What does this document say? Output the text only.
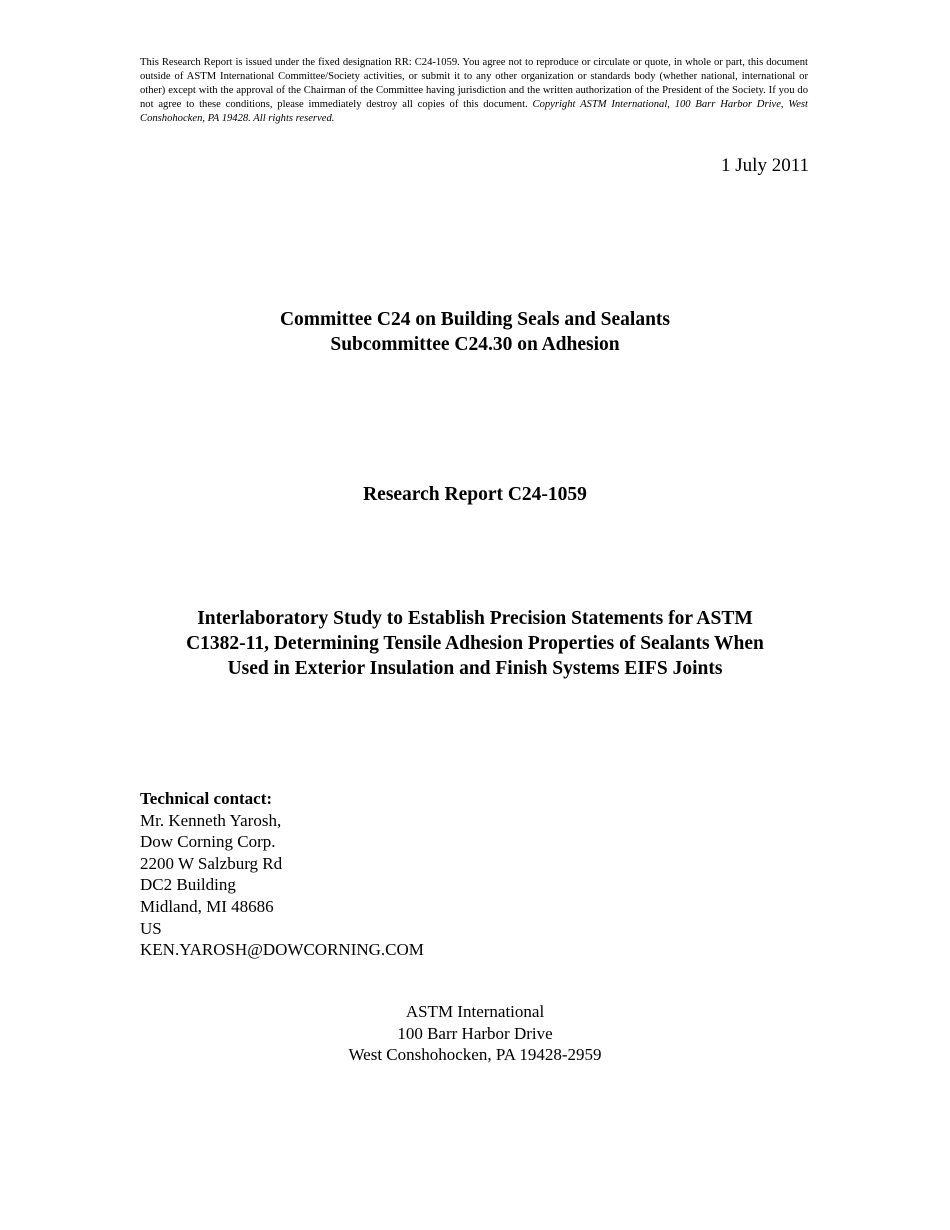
This Research Report is issued under the fixed designation RR: C24-1059. You agree not to reproduce or circulate or quote, in whole or part, this document outside of ASTM International Committee/Society activities, or submit it to any other organization or standards body (whether national, international or other) except with the approval of the Chairman of the Committee having jurisdiction and the written authorization of the President of the Society. If you do not agree to these conditions, please immediately destroy all copies of this document. Copyright ASTM International, 100 Barr Harbor Drive, West Conshohocken, PA 19428. All rights reserved.
1 July 2011
Committee C24 on Building Seals and Sealants
Subcommittee C24.30 on Adhesion
Research Report C24-1059
Interlaboratory Study to Establish Precision Statements for ASTM
C1382-11, Determining Tensile Adhesion Properties of Sealants When
Used in Exterior Insulation and Finish Systems EIFS Joints
Technical contact:
Mr. Kenneth Yarosh,
Dow Corning Corp.
2200 W Salzburg Rd
DC2 Building
Midland, MI 48686
US
KEN.YAROSH@DOWCORNING.COM
ASTM International
100 Barr Harbor Drive
West Conshohocken, PA 19428-2959
